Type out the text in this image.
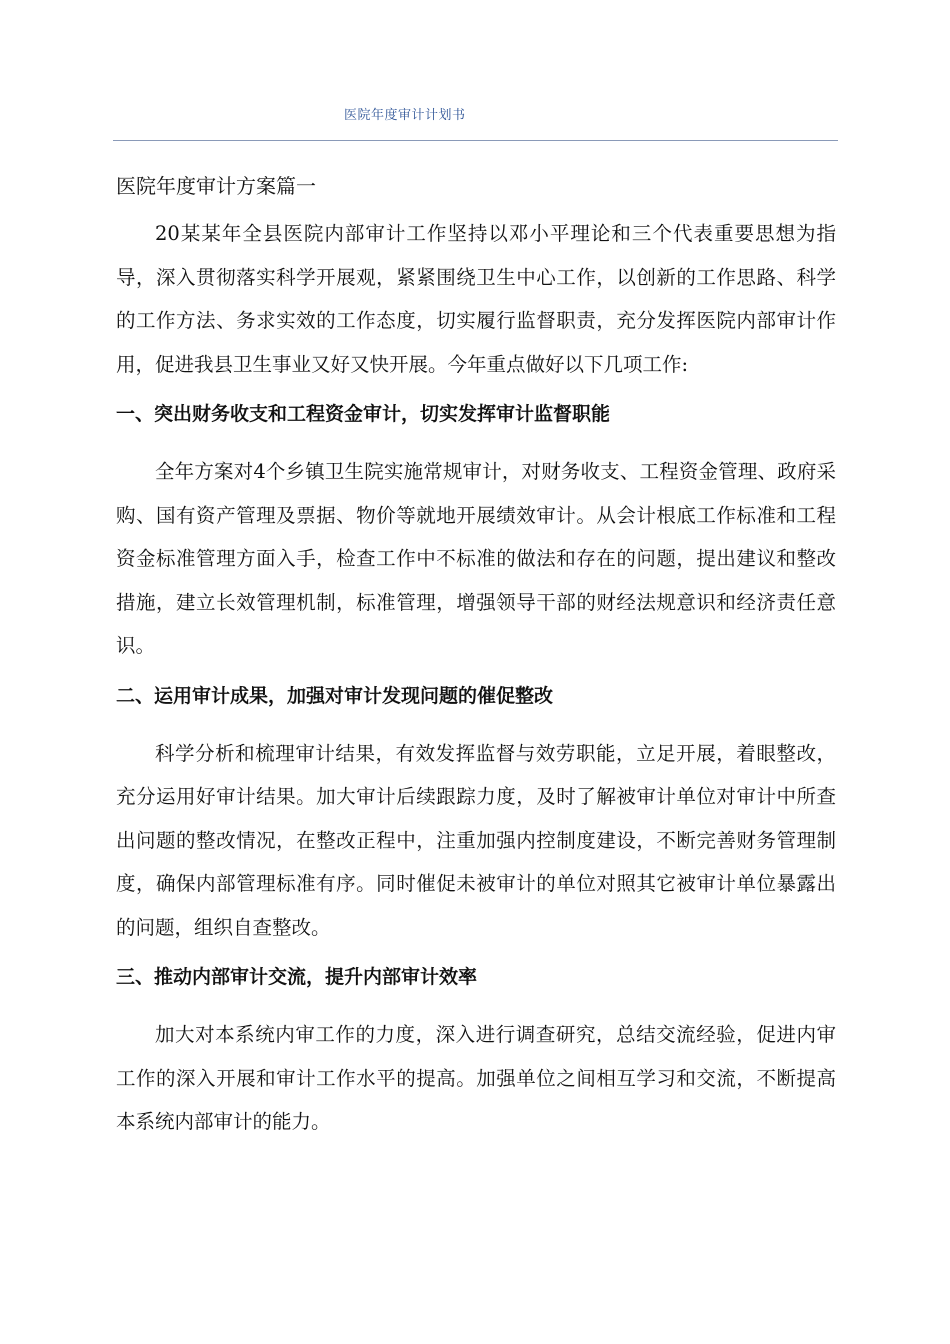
医院年度审计计划书
医院年度审计方案篇一

20某某年全县医院内部审计工作坚持以邓小平理论和三个代表重要思想为指导，深入贯彻落实科学开展观，紧紧围绕卫生中心工作，以创新的工作思路、科学的工作方法、务求实效的工作态度，切实履行监督职责，充分发挥医院内部审计作用，促进我县卫生事业又好又快开展。今年重点做好以下几项工作:

一、突出财务收支和工程资金审计，切实发挥审计监督职能

全年方案对4个乡镇卫生院实施常规审计，对财务收支、工程资金管理、政府采购、国有资产管理及票据、物价等就地开展绩效审计。从会计根底工作标准和工程资金标准管理方面入手，检查工作中不标准的做法和存在的问题，提出建议和整改措施，建立长效管理机制，标准管理，增强领导干部的财经法规意识和经济责任意识。

二、运用审计成果，加强对审计发现问题的催促整改

科学分析和梳理审计结果，有效发挥监督与效劳职能，立足开展，着眼整改，充分运用好审计结果。加大审计后续跟踪力度，及时了解被审计单位对审计中所查出问题的整改情况，在整改正程中，注重加强内控制度建设，不断完善财务管理制度，确保内部管理标准有序。同时催促未被审计的单位对照其它被审计单位暴露出的问题，组织自查整改。

三、推动内部审计交流，提升内部审计效率

加大对本系统内审工作的力度，深入进行调查研究，总结交流经验，促进内审工作的深入开展和审计工作水平的提高。加强单位之间相互学习和交流，不断提高本系统内部审计的能力。
